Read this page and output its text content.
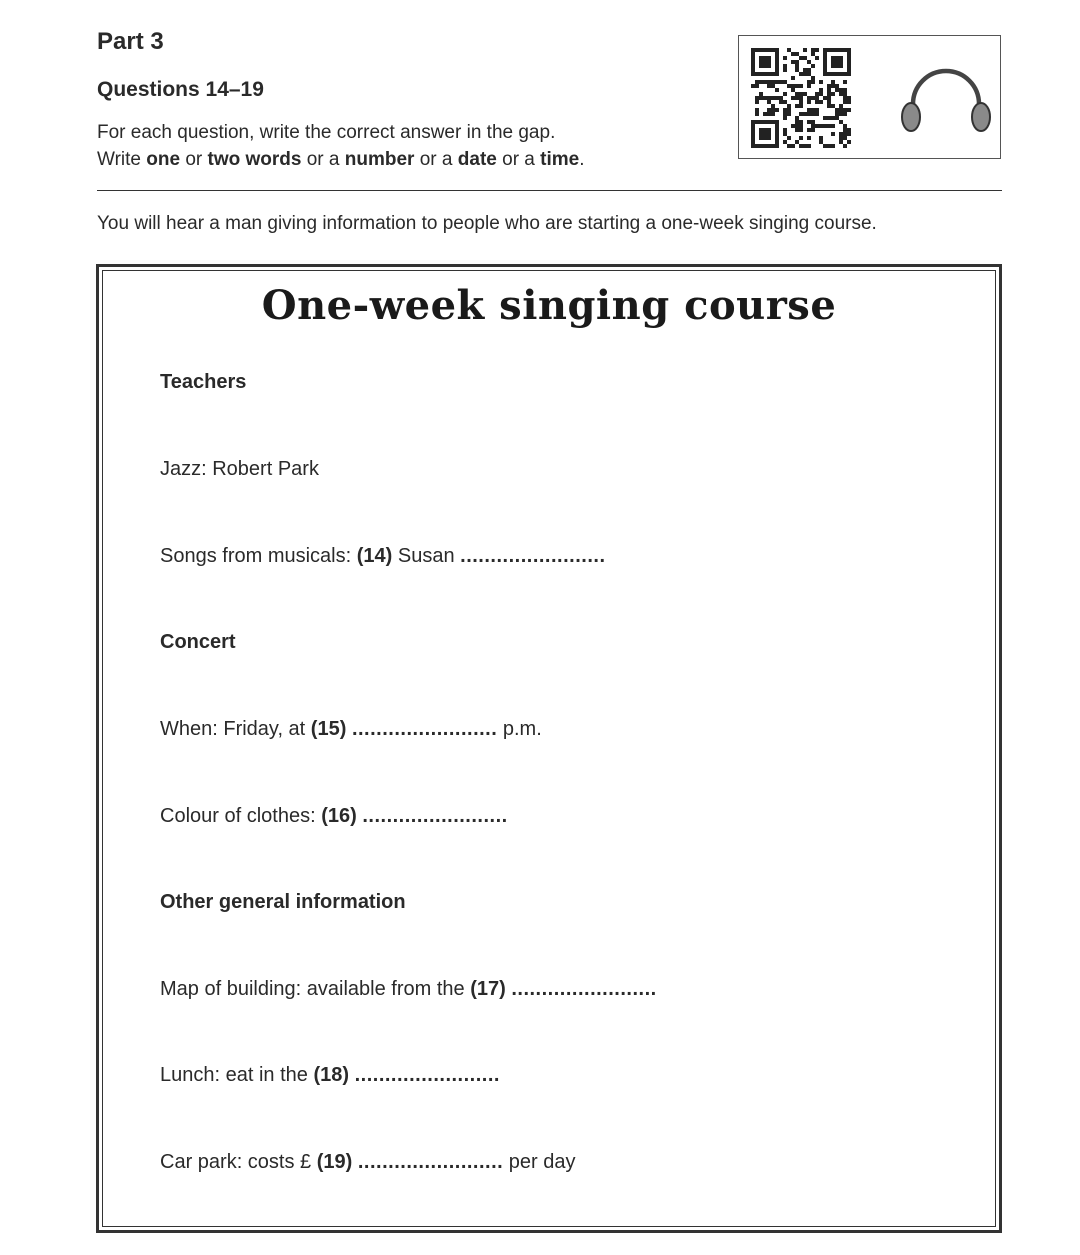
Part 3
Questions 14–19

For each question, write the correct answer in the gap.

Write one or two words or a number or a date or a time.

You will hear a man giving information to people who are starting a one-week singing course.

One-week singing course

Teachers

Jazz: Robert Park

Songs from musicals: (14) Susan ........................

Concert

When: Friday, at (15) ........................ p.m.

Colour of clothes: (16) ........................

Other general information

Map of building: available from the (17) ........................

Lunch: eat in the (18) ........................

Car park: costs £ (19) ........................ per day
